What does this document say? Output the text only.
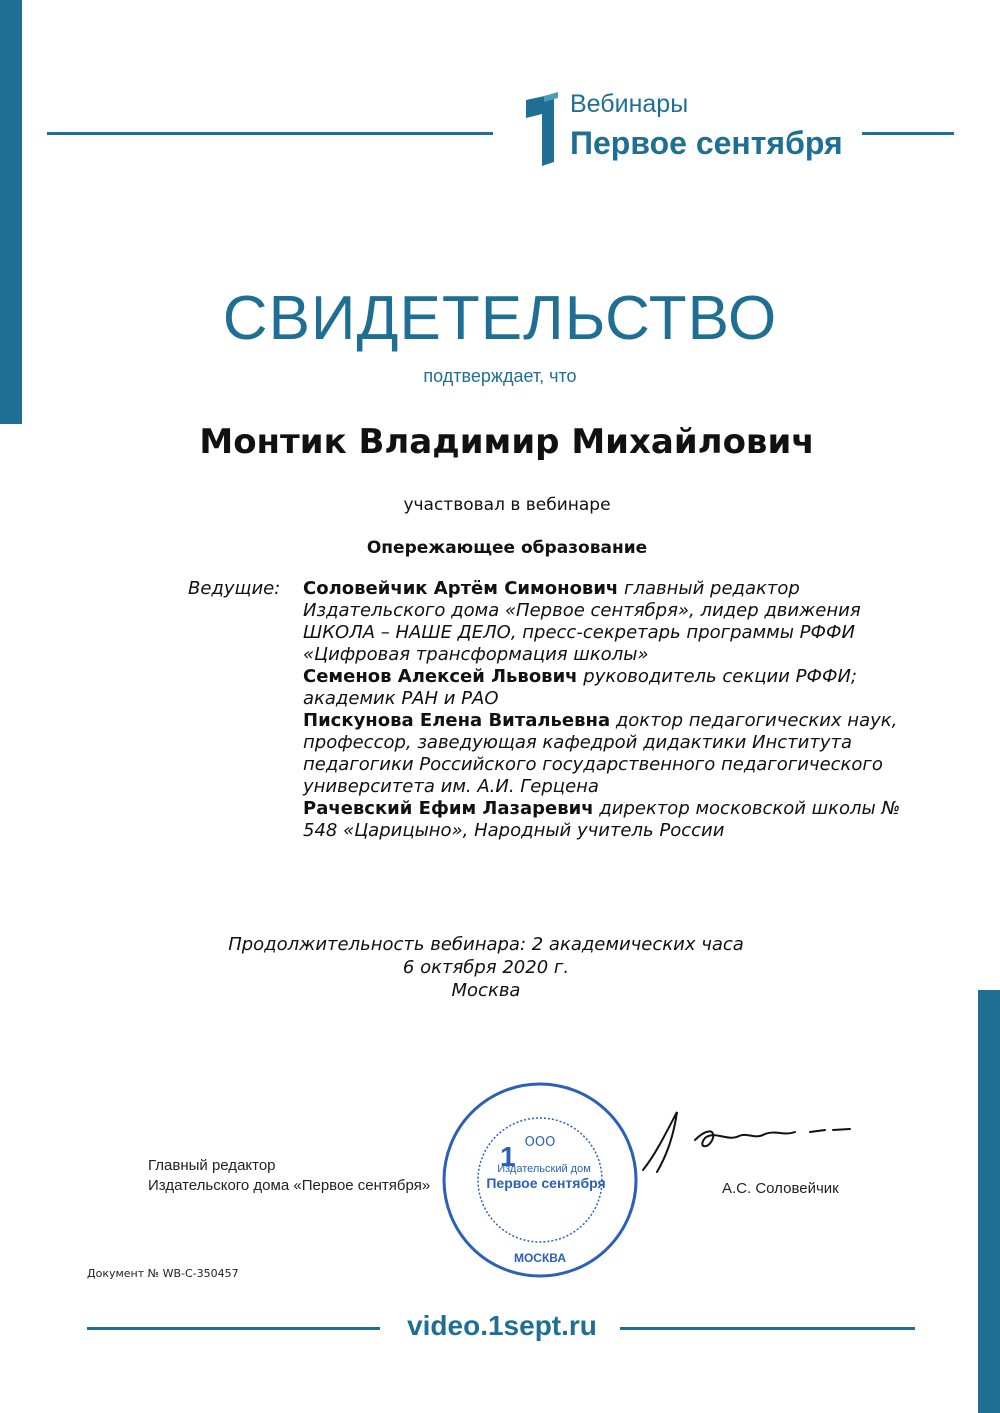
Вебинары
Первое сентября
СВИДЕТЕЛЬСТВО
подтверждает, что
Монтик Владимир Михайлович
участвовал в вебинаре
Опережающее образование
Ведущие: Соловейчик Артём Симонович главный редактор Издательского дома «Первое сентября», лидер движения ШКОЛА – НАШЕ ДЕЛО, пресс-секретарь программы РФФИ «Цифровая трансформация школы»
Семенов Алексей Львович руководитель секции РФФИ; академик РАН и РАО
Пискунова Елена Витальевна доктор педагогических наук, профессор, заведующая кафедрой дидактики Института педагогики Российского государственного педагогического университета им. А.И. Герцена
Рачевский Ефим Лазаревич директор московской школы № 548 «Царицыно», Народный учитель России
Продолжительность вебинара: 2 академических часа
6 октября 2020 г.
Москва
Главный редактор
Издательского дома «Первое сентября»
ООО
1
Издательский дом
Первое сентября
МОСКВА
А.С. Соловейчик
Документ № WB-C-350457
video.1sept.ru
